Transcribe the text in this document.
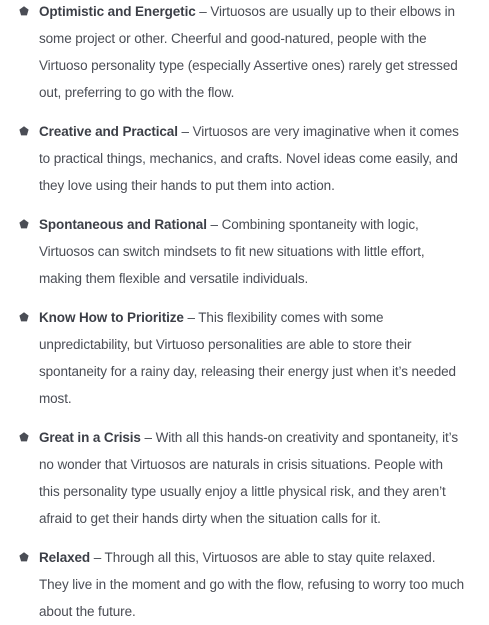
Optimistic and Energetic – Virtuosos are usually up to their elbows in some project or other. Cheerful and good-natured, people with the Virtuoso personality type (especially Assertive ones) rarely get stressed out, preferring to go with the flow.
Creative and Practical – Virtuosos are very imaginative when it comes to practical things, mechanics, and crafts. Novel ideas come easily, and they love using their hands to put them into action.
Spontaneous and Rational – Combining spontaneity with logic, Virtuosos can switch mindsets to fit new situations with little effort, making them flexible and versatile individuals.
Know How to Prioritize – This flexibility comes with some unpredictability, but Virtuoso personalities are able to store their spontaneity for a rainy day, releasing their energy just when it’s needed most.
Great in a Crisis – With all this hands-on creativity and spontaneity, it’s no wonder that Virtuosos are naturals in crisis situations. People with this personality type usually enjoy a little physical risk, and they aren’t afraid to get their hands dirty when the situation calls for it.
Relaxed – Through all this, Virtuosos are able to stay quite relaxed. They live in the moment and go with the flow, refusing to worry too much about the future.
